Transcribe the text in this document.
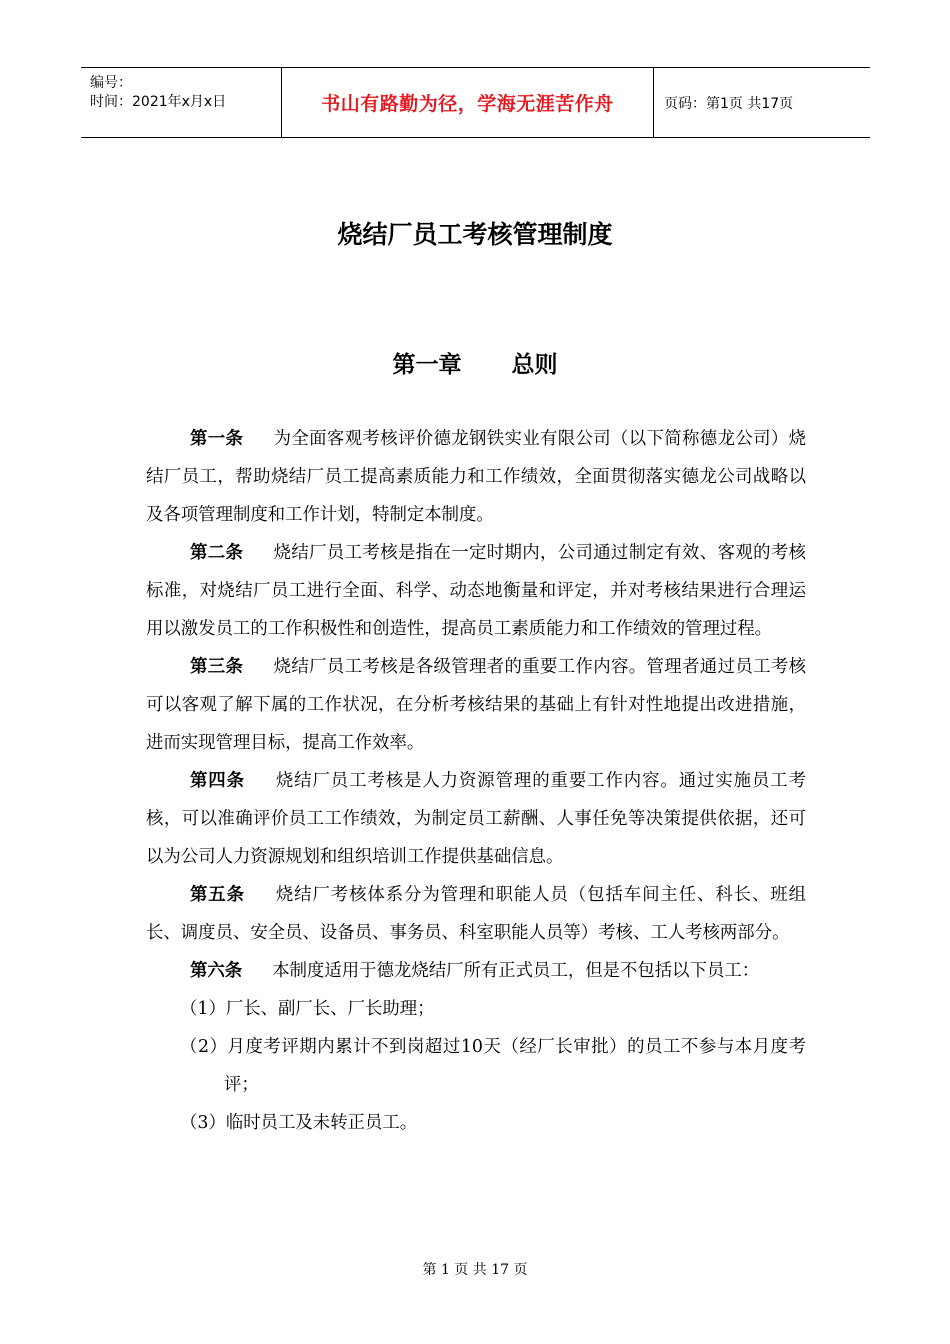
编号：
时间：2021年x月x日	书山有路勤为径，学海无涯苦作舟	页码：第1页 共17页
烧结厂员工考核管理制度
第一章 总则

第一条 为全面客观考核评价德龙钢铁实业有限公司（以下简称德龙公司）烧结厂员工，帮助烧结厂员工提高素质能力和工作绩效，全面贯彻落实德龙公司战略以及各项管理制度和工作计划，特制定本制度。

第二条 烧结厂员工考核是指在一定时期内，公司通过制定有效、客观的考核标准，对烧结厂员工进行全面、科学、动态地衡量和评定，并对考核结果进行合理运用以激发员工的工作积极性和创造性，提高员工素质能力和工作绩效的管理过程。

第三条 烧结厂员工考核是各级管理者的重要工作内容。管理者通过员工考核可以客观了解下属的工作状况，在分析考核结果的基础上有针对性地提出改进措施，进而实现管理目标，提高工作效率。

第四条 烧结厂员工考核是人力资源管理的重要工作内容。通过实施员工考核，可以准确评价员工工作绩效，为制定员工薪酬、人事任免等决策提供依据，还可以为公司人力资源规划和组织培训工作提供基础信息。

第五条 烧结厂考核体系分为管理和职能人员（包括车间主任、科长、班组长、调度员、安全员、设备员、事务员、科室职能人员等）考核、工人考核两部分。

第六条 本制度适用于德龙烧结厂所有正式员工，但是不包括以下员工：

（1）厂长、副厂长、厂长助理；

（2）月度考评期内累计不到岗超过10天（经厂长审批）的员工不参与本月度考评；

（3）临时员工及未转正员工。

第 1 页 共 17 页
